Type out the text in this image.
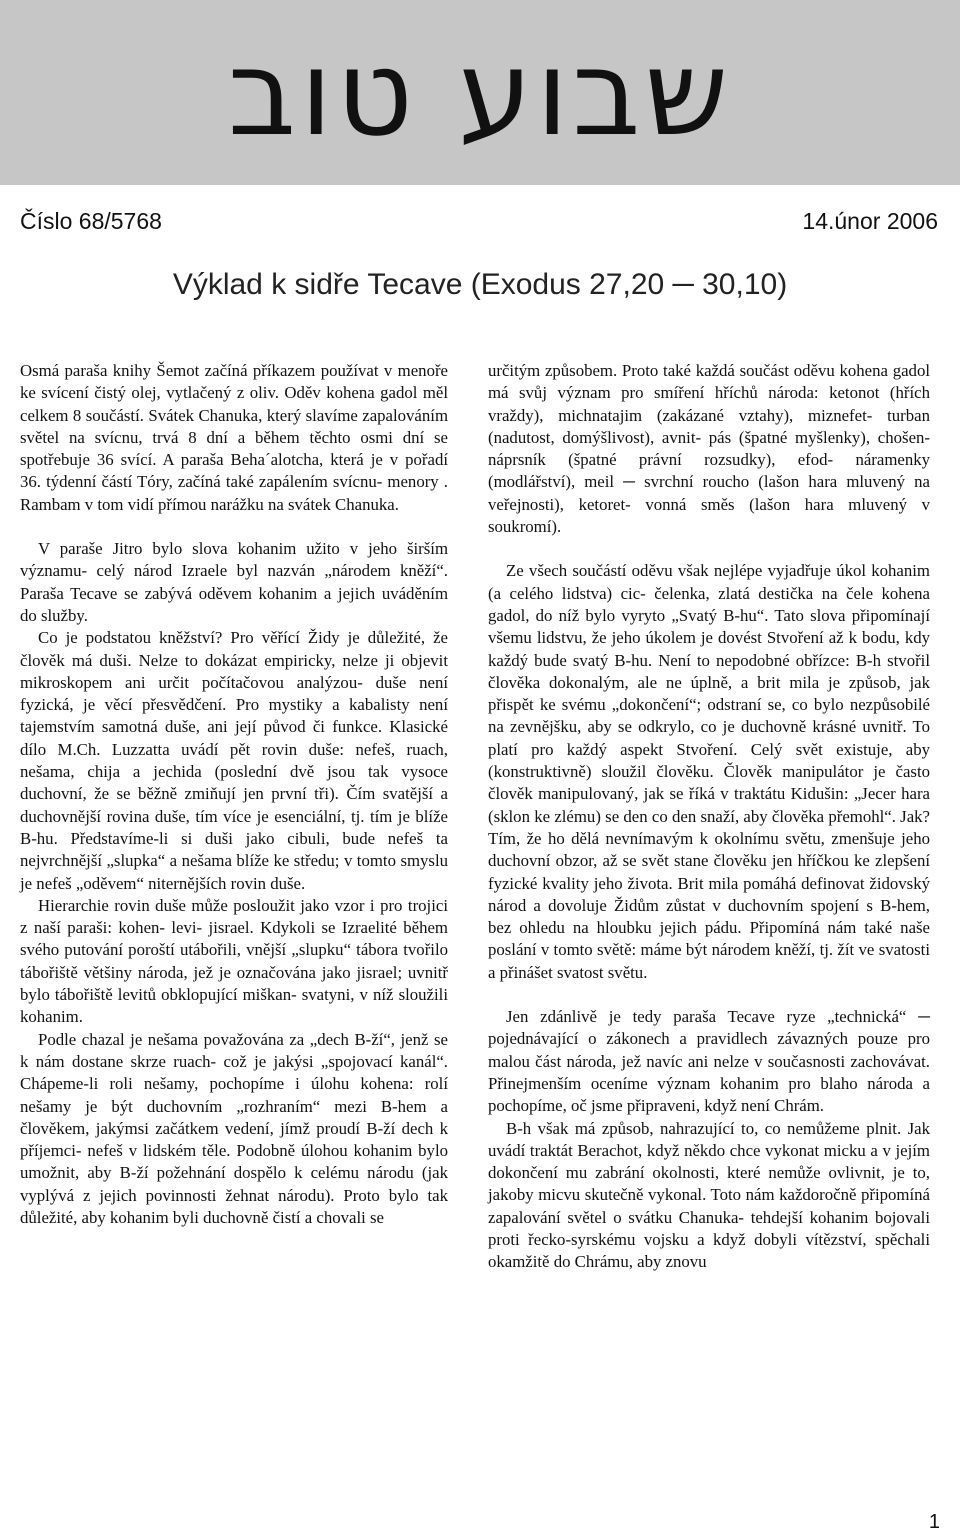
שבוע טוב
Číslo 68/5768	14.únor 2006
Výklad k sidře Tecave (Exodus 27,20 ─ 30,10)

Osmá paraša knihy Šemot začíná příkazem používat v menoře ke svícení čistý olej, vytlačený z oliv. Oděv kohena gadol měl celkem 8 součástí. Svátek Chanuka, který slavíme zapalováním světel na svícnu, trvá 8 dní a během těchto osmi dní se spotřebuje 36 svící. A paraša Beha´alotcha, která je v pořadí 36. týdenní částí Tóry, začíná také zapálením svícnu- menory . Rambam v tom vidí přímou narážku na svátek Chanuka.

V paraše Jitro bylo slova kohanim užito v jeho širším významu- celý národ Izraele byl nazván „národem kněží“. Paraša Tecave se zabývá oděvem kohanim a jejich uváděním do služby.

Co je podstatou kněžství? Pro věřící Židy je důležité, že člověk má duši. Nelze to dokázat empiricky, nelze ji objevit mikroskopem ani určit počítačovou analýzou- duše není fyzická, je věcí přesvědčení. Pro mystiky a kabalisty není tajemstvím samotná duše, ani její původ či funkce. Klasické dílo M.Ch. Luzzatta uvádí pět rovin duše: nefeš, ruach, nešama, chija a jechida (poslední dvě jsou tak vysoce duchovní, že se běžně zmiňují jen první tři). Čím svatější a duchovnější rovina duše, tím více je esenciální, tj. tím je blíže B-hu. Představíme-li si duši jako cibuli, bude nefeš ta nejvrchnější „slupka“ a nešama blíže ke středu; v tomto smyslu je nefeš „oděvem“ niternějších rovin duše.

Hierarchie rovin duše může posloužit jako vzor i pro trojici z naší paraši: kohen- levi- jisrael. Kdykoli se Izraelité během svého putování poroští utábořili, vnější „slupku“ tábora tvořilo tábořiště většiny národa, jež je označována jako jisrael; uvnitř bylo tábořiště levitů obklopující miškan- svatyni, v níž sloužili kohanim.

Podle chazal je nešama považována za „dech B-ží“, jenž se k nám dostane skrze ruach- což je jakýsi „spojovací kanál“. Chápeme-li roli nešamy, pochopíme i úlohu kohena: rolí nešamy je být duchovním „rozhraním“ mezi B-hem a člověkem, jakýmsi začátkem vedení, jímž proudí B-ží dech k příjemci- nefeš v lidském těle. Podobně úlohou kohanim bylo umožnit, aby B-ží požehnání dospělo k celému národu (jak vyplývá z jejich povinnosti žehnat národu). Proto bylo tak důležité, aby kohanim byli duchovně čistí a chovali se

určitým způsobem. Proto také každá součást oděvu kohena gadol má svůj význam pro smíření hříchů národa: ketonot (hřích vraždy), michnatajim (zakázané vztahy), miznefet- turban (nadutost, domýšlivost), avnit- pás (špatné myšlenky), chošen- náprsník (špatné právní rozsudky), efod- náramenky (modlářství), meil ─ svrchní roucho (lašon hara mluvený na veřejnosti), ketoret- vonná směs (lašon hara mluvený v soukromí).

Ze všech součástí oděvu však nejlépe vyjadřuje úkol kohanim (a celého lidstva) cic- čelenka, zlatá destička na čele kohena gadol, do níž bylo vyryto „Svatý B-hu“. Tato slova připomínají všemu lidstvu, že jeho úkolem je dovést Stvoření až k bodu, kdy každý bude svatý B-hu. Není to nepodobné obřízce: B-h stvořil člověka dokonalým, ale ne úplně, a brit mila je způsob, jak přispět ke svému „dokončení“; odstraní se, co bylo nezpůsobilé na zevnějšku, aby se odkrylo, co je duchovně krásné uvnitř. To platí pro každý aspekt Stvoření. Celý svět existuje, aby (konstruktivně) sloužil člověku. Člověk manipulátor je často člověk manipulovaný, jak se říká v traktátu Kidušin: „Jecer hara (sklon ke zlému) se den co den snaží, aby člověka přemohl“. Jak? Tím, že ho dělá nevnímavým k okolnímu světu, zmenšuje jeho duchovní obzor, až se svět stane člověku jen hříčkou ke zlepšení fyzické kvality jeho života. Brit mila pomáhá definovat židovský národ a dovoluje Židům zůstat v duchovním spojení s B-hem, bez ohledu na hloubku jejich pádu. Připomíná nám také naše poslání v tomto světě: máme být národem kněží, tj. žít ve svatosti a přinášet svatost světu.

Jen zdánlivě je tedy paraša Tecave ryze „technická“ ─ pojednávající o zákonech a pravidlech závazných pouze pro malou část národa, jež navíc ani nelze v současnosti zachovávat. Přinejmenším oceníme význam kohanim pro blaho národa a pochopíme, oč jsme připraveni, když není Chrám.

B-h však má způsob, nahrazující to, co nemůžeme plnit. Jak uvádí traktát Berachot, když někdo chce vykonat micku a v jejím dokončení mu zabrání okolnosti, které nemůže ovlivnit, je to, jakoby micvu skutečně vykonal. Toto nám každoročně připomíná zapalování světel o svátku Chanuka- tehdejší kohanim bojovali proti řecko-syrskému vojsku a když dobyli vítězství, spěchali okamžitě do Chrámu, aby znovu

1
